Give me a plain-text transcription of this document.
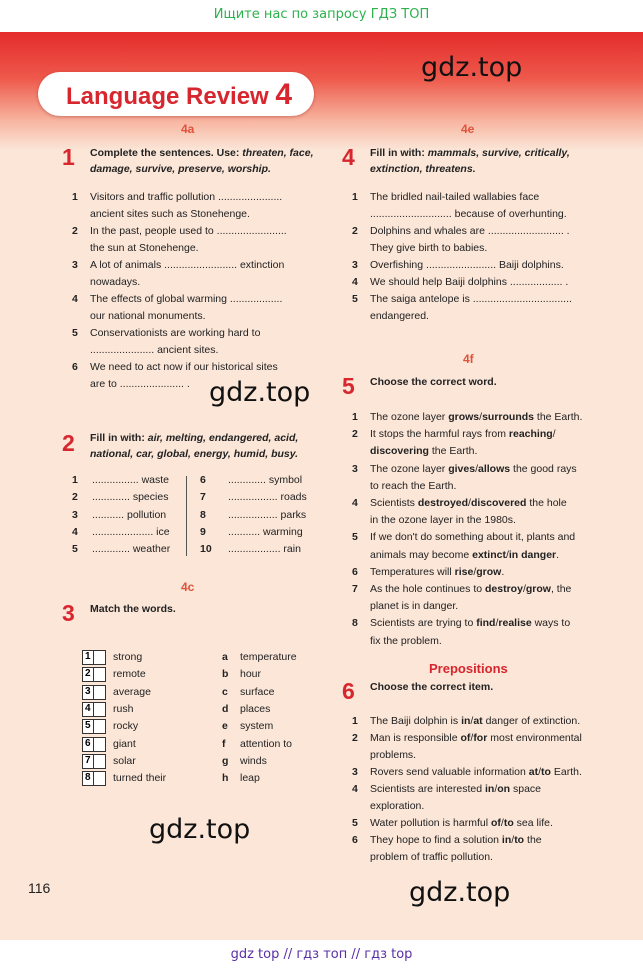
Ищите нас по запросу ГДЗ ТОП
Language Review 4
4a
1 Complete the sentences. Use: threaten, face, damage, survive, preserve, worship.
1 Visitors and traffic pollution ......................
ancient sites such as Stonehenge.
2 In the past, people used to ........................
the sun at Stonehenge.
3 A lot of animals ......................... extinction
nowadays.
4 The effects of global warming ..................
our national monuments.
5 Conservationists are working hard to
...................... ancient sites.
6 We need to act now if our historical sites
are to ...................... .
2 Fill in with: air, melting, endangered, acid, national, car, global, energy, humid, busy.
1 ................ waste
2 ............. species
3 ........... pollution
4 ..................... ice
5 ............. weather
6 ............. symbol
7 ................. roads
8 ................. parks
9 ........... warming
10 .................. rain
4c
3 Match the words.
1 strong
2 remote
3 average
4 rush
5 rocky
6 giant
7 solar
8 turned their
a temperature
b hour
c surface
d places
e system
f attention to
g winds
h leap
4e
4 Fill in with: mammals, survive, critically, extinction, threatens.
1 The bridled nail-tailed wallabies face
............................ because of overhunting.
2 Dolphins and whales are .......................... .
They give birth to babies.
3 Overfishing ........................ Baiji dolphins.
4 We should help Baiji dolphins .................. .
5 The saiga antelope is ..................................
endangered.
4f
5 Choose the correct word.
1 The ozone layer grows/surrounds the Earth.
2 It stops the harmful rays from reaching/
discovering the Earth.
3 The ozone layer gives/allows the good rays
to reach the Earth.
4 Scientists destroyed/discovered the hole
in the ozone layer in the 1980s.
5 If we don't do something about it, plants and
animals may become extinct/in danger.
6 Temperatures will rise/grow.
7 As the hole continues to destroy/grow, the
planet is in danger.
8 Scientists are trying to find/realise ways to
fix the problem.
Prepositions
6 Choose the correct item.
1 The Baiji dolphin is in/at danger of extinction.
2 Man is responsible of/for most environmental
problems.
3 Rovers send valuable information at/to Earth.
4 Scientists are interested in/on space
exploration.
5 Water pollution is harmful of/to sea life.
6 They hope to find a solution in/to the
problem of traffic pollution.
116
gdz.top
gdz.top
gdz.top
gdz.top
gdz top // гдз топ // гдз top
